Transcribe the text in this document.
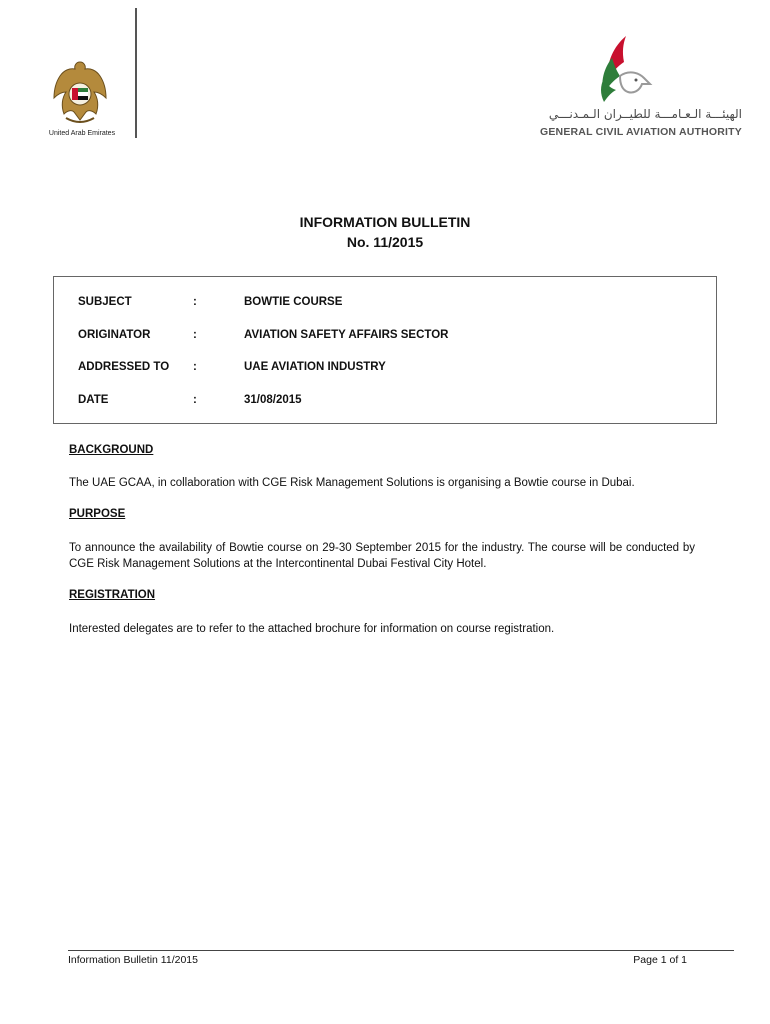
United Arab Emirates
الهيئـــة الـعـامـــة للطيــران الـمـدنـــي
GENERAL CIVIL AVIATION AUTHORITY
INFORMATION BULLETIN
No. 11/2015
SUBJECT	:	BOWTIE COURSE
ORIGINATOR	:	AVIATION SAFETY AFFAIRS SECTOR
ADDRESSED TO :	UAE AVIATION INDUSTRY
DATE	:	31/08/2015
BACKGROUND
The UAE GCAA, in collaboration with CGE Risk Management Solutions is organising a Bowtie course in Dubai.
PURPOSE
To announce the availability of Bowtie course on 29-30 September 2015 for the industry. The course will be conducted by CGE Risk Management Solutions at the Intercontinental Dubai Festival City Hotel.
REGISTRATION
Interested delegates are to refer to the attached brochure for information on course registration.
Information Bulletin 11/2015	Page 1 of 1
